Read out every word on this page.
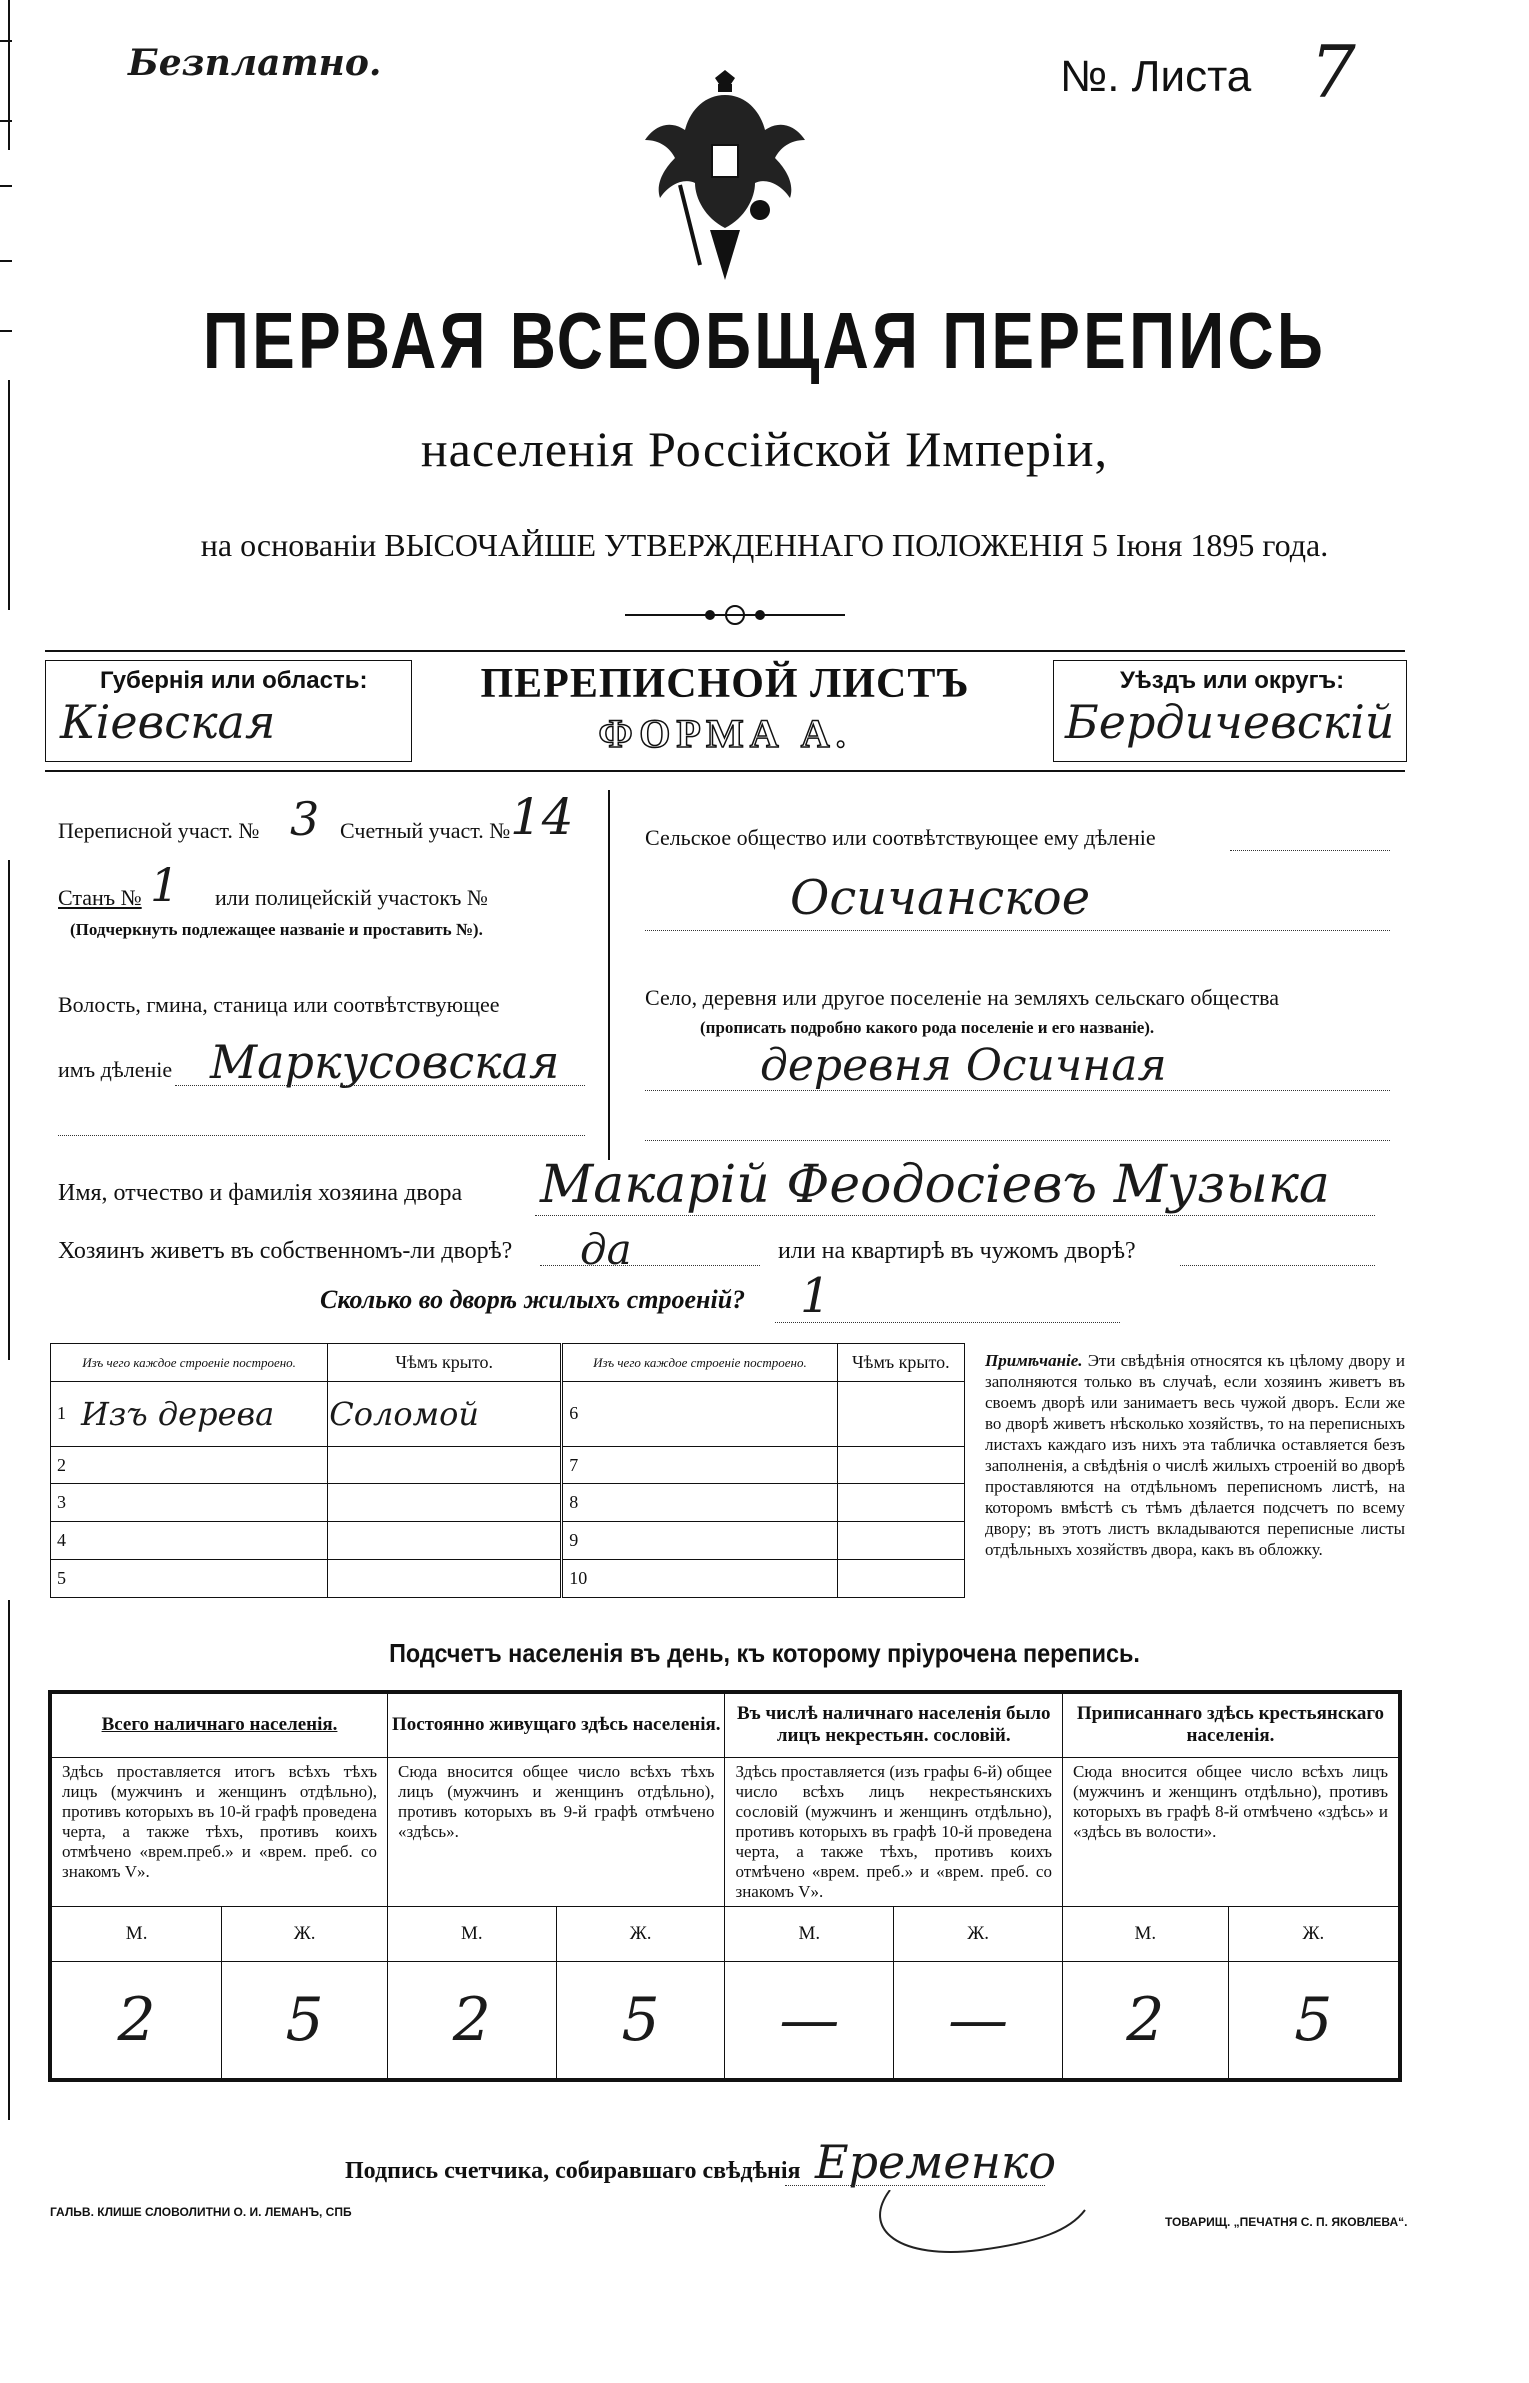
Безплатно.	№. Листа 7
ПЕРВАЯ ВСЕОБЩАЯ ПЕРЕПИСЬ
населенія Россійской Имперіи,
на основаніи ВЫСОЧАЙШЕ УТВЕРЖДЕННАГО ПОЛОЖЕНІЯ 5 Іюня 1895 года.
Губернія или область:
Кіевская
ПЕРЕПИСНОЙ ЛИСТЪ
ФОРМА А.
Уѣздъ или округъ:
Бердичевскій
Переписной участ. № 3 Счетный участ. № 14
Станъ № 1 или полицейскій участокъ №
(Подчеркнуть подлежащее названіе и проставить №).
Волость, гмина, станица или соотвѣтствующее
имъ дѣленіе Маркусовская
Сельское общество или соотвѣтствующее ему дѣленіе
Осичанское
Село, деревня или другое поселеніе на земляхъ сельскаго общества
(прописать подробно какого рода поселеніе и его названіе).
деревня Осичная
Имя, отчество и фамилія хозяина двора Макарій Феодосіевъ Музыка
Хозяинъ живетъ въ собственномъ-ли дворѣ? да	или на квартирѣ въ чужомъ дворѣ?
Сколько во дворѣ жилыхъ строеній? 1
Изъ чего каждое строеніе построено.		Чѣмъ крыто.	Изъ чего каждое строеніе построено.		Чѣмъ крыто.
1	Изъ дерева	Соломой	6		
2			7		
3			8		
4			9		
5			10		
Примѣчаніе. Эти свѣдѣнія относятся къ цѣлому двору и заполняются только въ случаѣ, если хозяинъ живетъ въ своемъ дворѣ или занимаетъ весь чужой дворъ. Если же во дворѣ живетъ нѣсколько хозяйствъ, то на переписныхъ листахъ каждаго изъ нихъ эта табличка оставляется безъ заполненія, а свѣдѣнія о числѣ жилыхъ строеній во дворѣ проставляются на отдѣльномъ переписномъ листѣ, на которомъ вмѣстѣ съ тѣмъ дѣлается подсчетъ по всему двору; въ этотъ листъ вкладываются переписные листы отдѣльныхъ хозяйствъ двора, какъ въ обложку.
Подсчетъ населенія въ день, къ которому пріурочена перепись.
Всего наличнаго населенія.		Постоянно живущаго здѣсь населенія.		Въ числѣ наличнаго населенія было лицъ некрестьян. сословій.		Приписаннаго здѣсь крестьянскаго населенія.	
Здѣсь проставляется итогъ всѣхъ тѣхъ лицъ (мужчинъ и женщинъ отдѣльно), противъ которыхъ въ 10-й графѣ проведена черта, а также тѣхъ, противъ коихъ отмѣчено «врем.преб.» и «врем. преб. со знакомъ V».		Сюда вносится общее число всѣхъ тѣхъ лицъ (мужчинъ и женщинъ отдѣльно), противъ которыхъ въ 9-й графѣ отмѣчено «здѣсь».		Здѣсь проставляется (изъ графы 6-й) общее число всѣхъ лицъ некрестьянскихъ сословій (мужчинъ и женщинъ отдѣльно), противъ которыхъ въ графѣ 10-й проведена черта, а также тѣхъ, противъ коихъ отмѣчено «врем. преб.» и «врем. преб. со знакомъ V».		Сюда вносится общее число всѣхъ лицъ (мужчинъ и женщинъ отдѣльно), противъ которыхъ въ графѣ 8-й отмѣчено «здѣсь» и «здѣсь въ волости».	
М.	Ж.	М.	Ж.	М.	Ж.	М.	Ж.
2	5	2	5	—	—	2	5
Подпись счетчика, собиравшаго свѣдѣнія Еременко
ГАЛЬВ. КЛИШЕ СЛОВОЛИТНИ О. И. ЛЕМАНЪ, СПБ
ТОВАРИЩ. „ПЕЧАТНЯ С. П. ЯКОВЛЕВА“.
